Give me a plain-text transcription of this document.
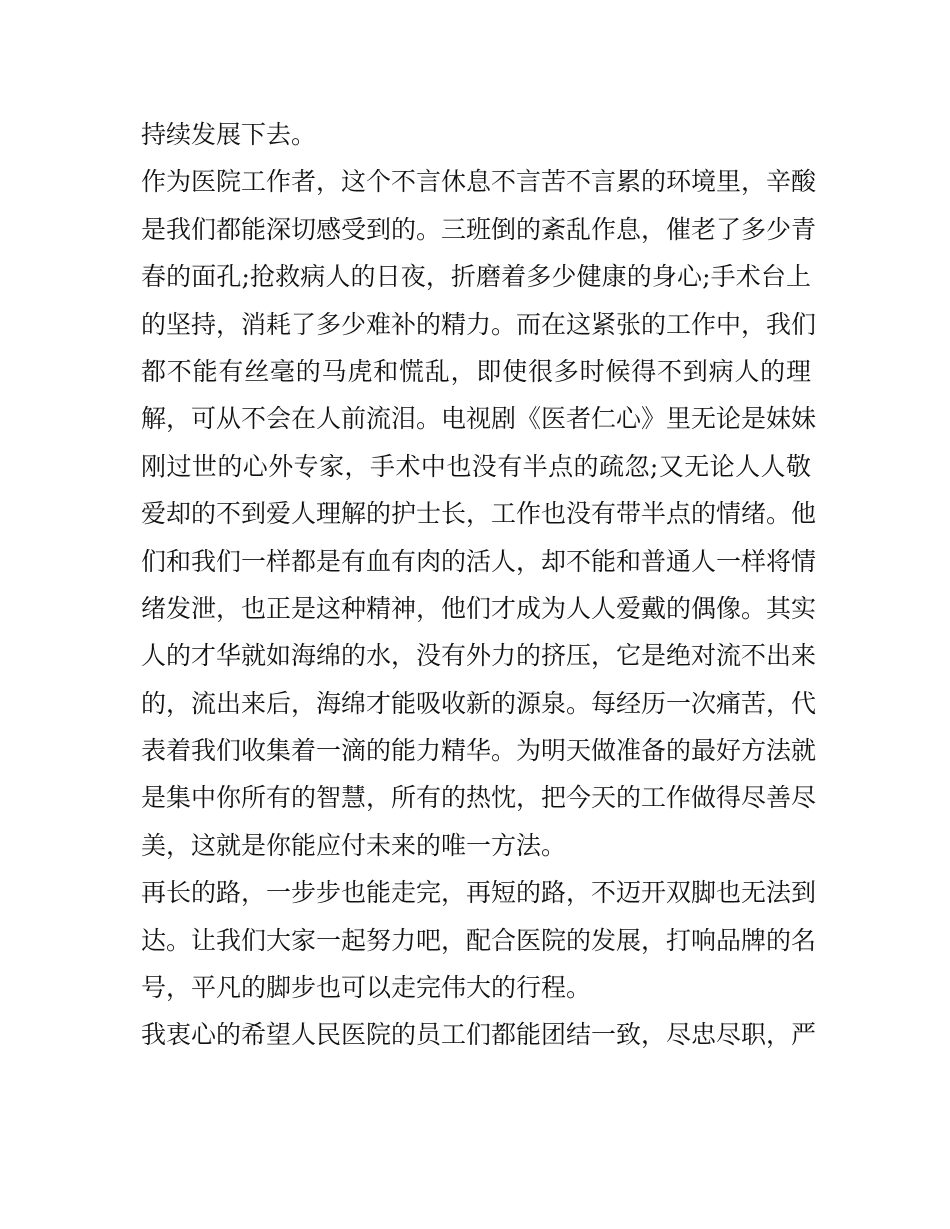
持续发展下去。
作为医院工作者，这个不言休息不言苦不言累的环境里，辛酸
是我们都能深切感受到的。三班倒的紊乱作息，催老了多少青
春的面孔;抢救病人的日夜，折磨着多少健康的身心;手术台上
的坚持，消耗了多少难补的精力。而在这紧张的工作中，我们
都不能有丝毫的马虎和慌乱，即使很多时候得不到病人的理
解，可从不会在人前流泪。电视剧《医者仁心》里无论是妹妹
刚过世的心外专家，手术中也没有半点的疏忽;又无论人人敬
爱却的不到爱人理解的护士长，工作也没有带半点的情绪。他
们和我们一样都是有血有肉的活人，却不能和普通人一样将情
绪发泄，也正是这种精神，他们才成为人人爱戴的偶像。其实
人的才华就如海绵的水，没有外力的挤压，它是绝对流不出来
的，流出来后，海绵才能吸收新的源泉。每经历一次痛苦，代
表着我们收集着一滴的能力精华。为明天做准备的最好方法就
是集中你所有的智慧，所有的热忱，把今天的工作做得尽善尽
美，这就是你能应付未来的唯一方法。
再长的路，一步步也能走完，再短的路，不迈开双脚也无法到
达。让我们大家一起努力吧，配合医院的发展，打响品牌的名
号，平凡的脚步也可以走完伟大的行程。
我衷心的希望人民医院的员工们都能团结一致，尽忠尽职，严
